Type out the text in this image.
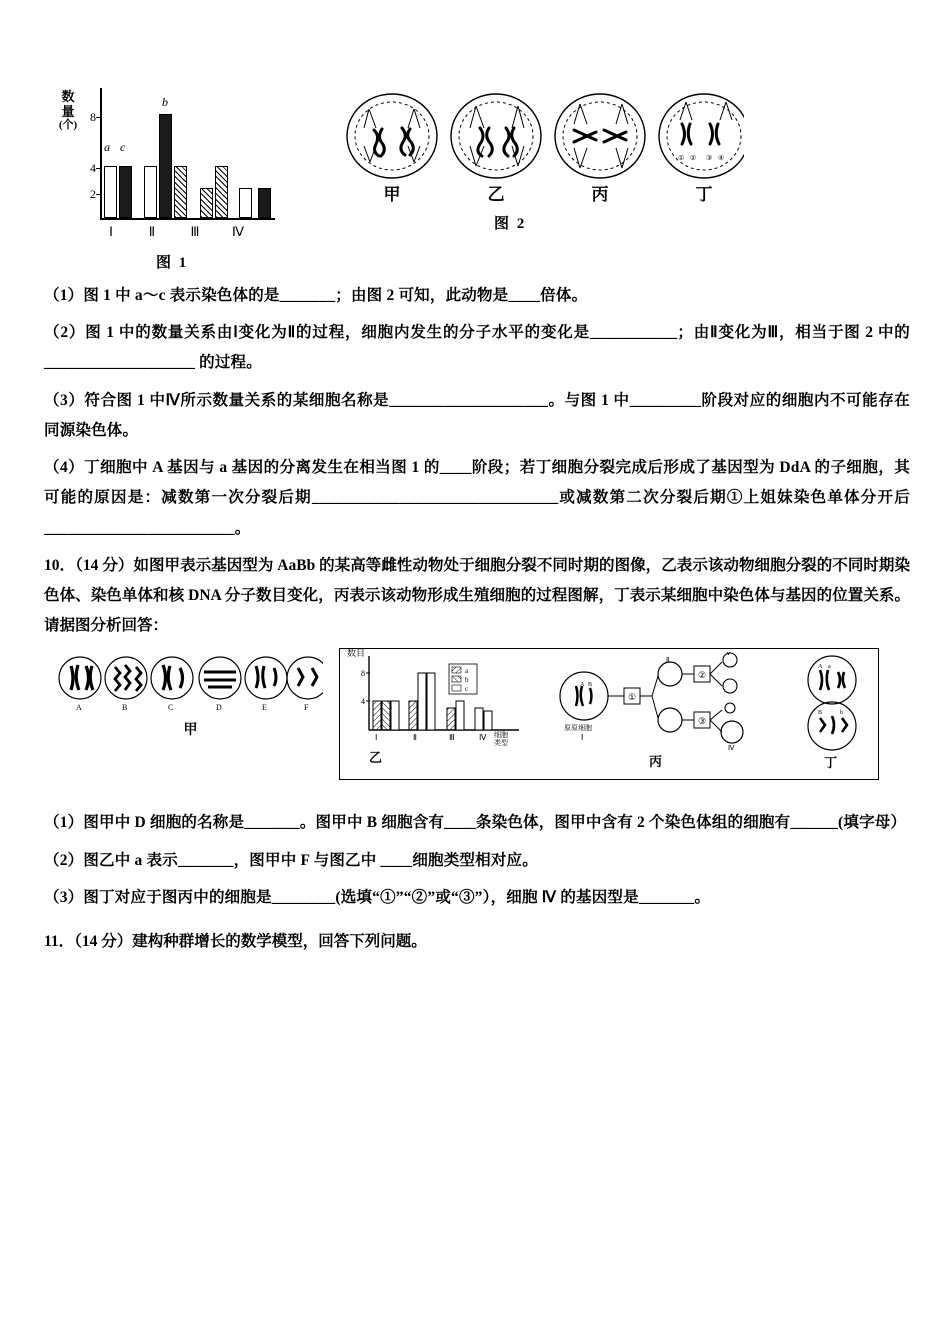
数
量
(个)
8
4
2
a c
b
Ⅰ	Ⅱ	Ⅲ	Ⅳ
图 1
① ② ③ ④
甲	乙	丙	丁
图 2

（1）图 1 中 a～c 表示染色体的是_______；由图 2 可知，此动物是____倍体。

（2）图 1 中的数量关系由Ⅰ变化为Ⅱ的过程，细胞内发生的分子水平的变化是___________；由Ⅱ变化为Ⅲ，相当于图 2 中的___________________ 的过程。

（3）符合图 1 中Ⅳ所示数量关系的某细胞名称是____________________。与图 1 中_________阶段对应的细胞内不可能存在同源染色体。

（4）丁细胞中 A 基因与 a 基因的分离发生在相当图 1 的____阶段；若丁细胞分裂完成后形成了基因型为 DdA 的子细胞，其可能的原因是：减数第一次分裂后期_______________________________或减数第二次分裂后期①上姐妹染色单体分开后________________________。

10．（14 分）如图甲表示基因型为 AaBb 的某高等雌性动物处于细胞分裂不同时期的图像，乙表示该动物细胞分裂的不同时期染色体、染色单体和核 DNA 分子数目变化，丙表示该动物形成生殖细胞的过程图解，丁表示某细胞中染色体与基因的位置关系。请据图分析回答：

A	B	C	D	E	F
甲
数目
8
4
Ⅰ	Ⅱ	Ⅲ	Ⅳ 细胞
类型
a
b
c
乙
A B
原原细胞
Ⅰ
①
Ⅱ
②
③
Ⅴ
Ⅳ
丙
A a
B	b
丁

（1）图甲中 D 细胞的名称是_______。图甲中 B 细胞含有____条染色体，图甲中含有 2 个染色体组的细胞有______(填字母）

（2）图乙中 a 表示_______，图甲中 F 与图乙中 ____细胞类型相对应。

（3）图丁对应于图丙中的细胞是________(选填“①”“②”或“③”），细胞 Ⅳ 的基因型是_______。

11．（14 分）建构种群增长的数学模型，回答下列问题。
